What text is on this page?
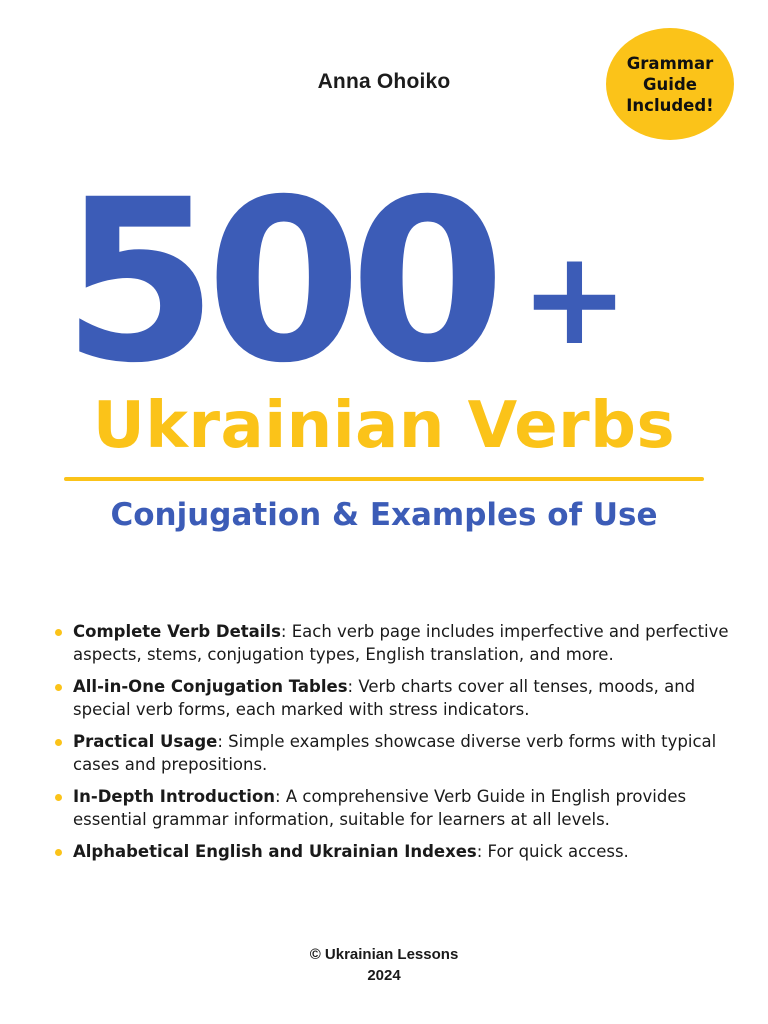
Anna Ohoiko
Grammar
Guide
Included!
500 +
Ukrainian Verbs
Conjugation & Examples of Use
Complete Verb Details: Each verb page includes imperfective and perfective aspects, stems, conjugation types, English translation, and more.
All-in-One Conjugation Tables: Verb charts cover all tenses, moods, and special verb forms, each marked with stress indicators.
Practical Usage: Simple examples showcase diverse verb forms with typical cases and prepositions.
In-Depth Introduction: A comprehensive Verb Guide in English provides essential grammar information, suitable for learners at all levels.
Alphabetical English and Ukrainian Indexes: For quick access.
© Ukrainian Lessons
2024
